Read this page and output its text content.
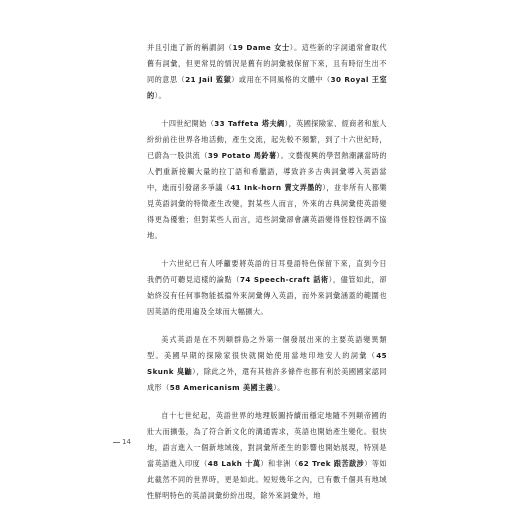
并且引進了新的稱謂詞（19 Dame 女士）。這些新的字詞通常會取代舊有詞彙，但更常見的情況是舊有的詞彙被保留下來，且有時衍生出不同的意思（21 Jail 監獄）或用在不同風格的文體中（30 Royal 王室的）。

十四世紀開始（33 Taffeta 塔夫綢），英國探險家、經商者和旅人紛紛前往世界各地活動，產生交流，起先較不頻繁，到了十六世紀時，已蔚為一股洪流（39 Potato 馬鈴薯）。文藝復興的學習熱潮讓當時的人們重新接觸大量的拉丁語和希臘語，導致許多古典詞彙導入英語當中，進而引發諸多爭議（41 Ink-horn 賣文弄墨的），並非所有人都樂見英語詞彙的特徵產生改變，對某些人而言，外來的古典詞彙使英語變得更為優雅；但對某些人而言，這些詞彙卻會讓英語變得怪腔怪調不協地。

十六世紀已有人呼籲要將英語的日耳曼語特色保留下來，直到今日我們仍可聽見這樣的論點（74 Speech-craft 話術），儘管如此，卻始終沒有任何事物能抵擋外來詞彙傳入英語，而外來詞彙涵蓋的範圍也因英語的使用遍及全球而大幅擴大。

美式英語是在不列顛群島之外第一個發展出來的主要英語變異類型。美國早期的探險家很快就開始使用當地印地安人的詞彙（45 Skunk 臭鼬），除此之外，還有其他許多條件也都有利於美國國家認同成形（58 Americanism 美國主義）。

自十七世紀起，英語世界的地理版圖持續而穩定地隨不列顛帝國的壯大而擴張，為了符合新文化的溝通需求，英語也開始產生變化。很快地，語言進入一個新地域後，對詞彙所產生的影響也開始展現，特別是當英語進入印度（48 Lakh 十萬）和非洲（62 Trek 跟苦跋涉）等如此截然不同的世界時，更是如此。短短幾年之內，已有數千個具有地域性鮮明特色的英語詞彙紛紛出現，除外來詞彙外，地

14
